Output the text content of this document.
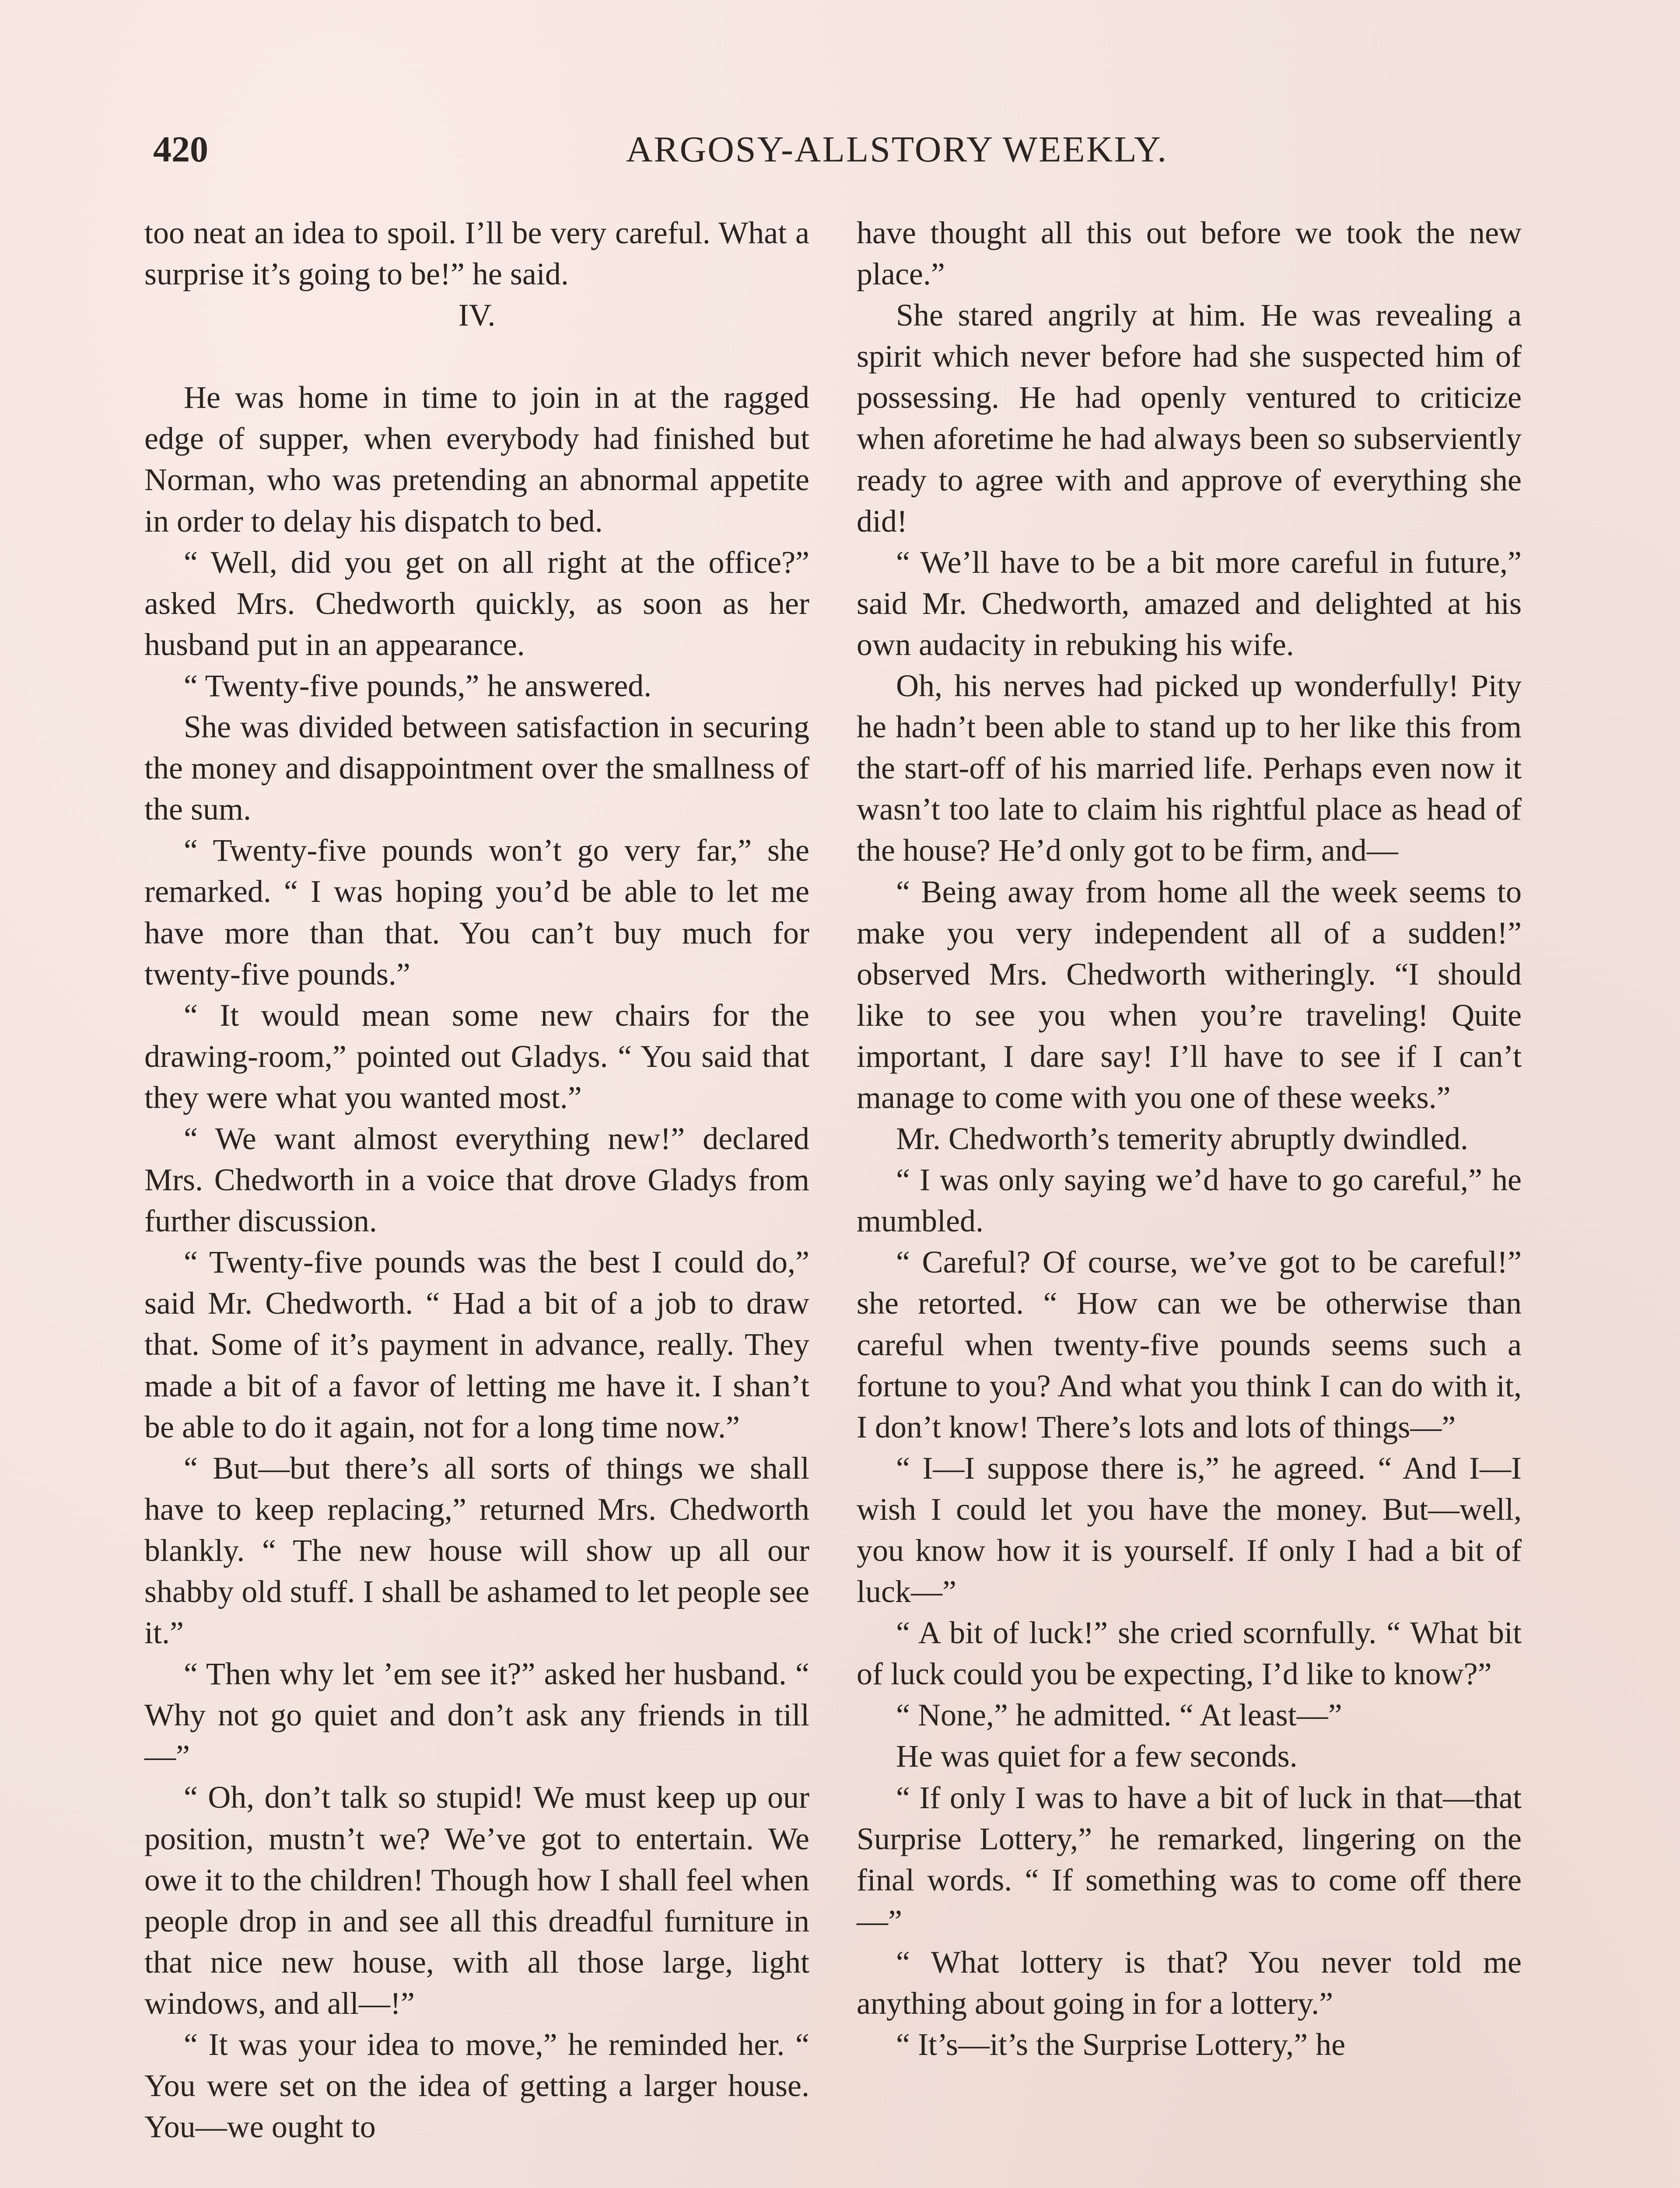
420	ARGOSY-ALLSTORY WEEKLY.

too neat an idea to spoil. I’ll be very careful. What a surprise it’s going to be!” he said.

IV.

He was home in time to join in at the ragged edge of supper, when everybody had finished but Norman, who was pretending an abnormal appetite in order to delay his dispatch to bed.

“ Well, did you get on all right at the office?” asked Mrs. Chedworth quickly, as soon as her husband put in an appearance.

“ Twenty-five pounds,” he answered.

She was divided between satisfaction in securing the money and disappointment over the smallness of the sum.

“ Twenty-five pounds won’t go very far,” she remarked. “ I was hoping you’d be able to let me have more than that. You can’t buy much for twenty-five pounds.”

“ It would mean some new chairs for the drawing-room,” pointed out Gladys. “ You said that they were what you wanted most.”

“ We want almost everything new!” declared Mrs. Chedworth in a voice that drove Gladys from further discussion.

“ Twenty-five pounds was the best I could do,” said Mr. Chedworth. “ Had a bit of a job to draw that. Some of it’s payment in advance, really. They made a bit of a favor of letting me have it. I shan’t be able to do it again, not for a long time now.”

“ But—but there’s all sorts of things we shall have to keep replacing,” returned Mrs. Chedworth blankly. “ The new house will show up all our shabby old stuff. I shall be ashamed to let people see it.”

“ Then why let ’em see it?” asked her husband. “ Why not go quiet and don’t ask any friends in till—”

“ Oh, don’t talk so stupid! We must keep up our position, mustn’t we? We’ve got to entertain. We owe it to the children! Though how I shall feel when people drop in and see all this dreadful furniture in that nice new house, with all those large, light windows, and all—!”

“ It was your idea to move,” he reminded her. “ You were set on the idea of getting a larger house. You—we ought to

have thought all this out before we took the new place.”

She stared angrily at him. He was revealing a spirit which never before had she suspected him of possessing. He had openly ventured to criticize when aforetime he had always been so subserviently ready to agree with and approve of everything she did!

“ We’ll have to be a bit more careful in future,” said Mr. Chedworth, amazed and delighted at his own audacity in rebuking his wife.

Oh, his nerves had picked up wonderfully! Pity he hadn’t been able to stand up to her like this from the start-off of his married life. Perhaps even now it wasn’t too late to claim his rightful place as head of the house? He’d only got to be firm, and—

“ Being away from home all the week seems to make you very independent all of a sudden!” observed Mrs. Chedworth witheringly. “I should like to see you when you’re traveling! Quite important, I dare say! I’ll have to see if I can’t manage to come with you one of these weeks.”

Mr. Chedworth’s temerity abruptly dwindled.

“ I was only saying we’d have to go careful,” he mumbled.

“ Careful? Of course, we’ve got to be careful!” she retorted. “ How can we be otherwise than careful when twenty-five pounds seems such a fortune to you? And what you think I can do with it, I don’t know! There’s lots and lots of things—”

“ I—I suppose there is,” he agreed. “ And I—I wish I could let you have the money. But—well, you know how it is yourself. If only I had a bit of luck—”

“ A bit of luck!” she cried scornfully. “ What bit of luck could you be expecting, I’d like to know?”

“ None,” he admitted. “ At least—”

He was quiet for a few seconds.

“ If only I was to have a bit of luck in that—that Surprise Lottery,” he remarked, lingering on the final words. “ If something was to come off there—”

“ What lottery is that? You never told me anything about going in for a lottery.”

“ It’s—it’s the Surprise Lottery,” he
